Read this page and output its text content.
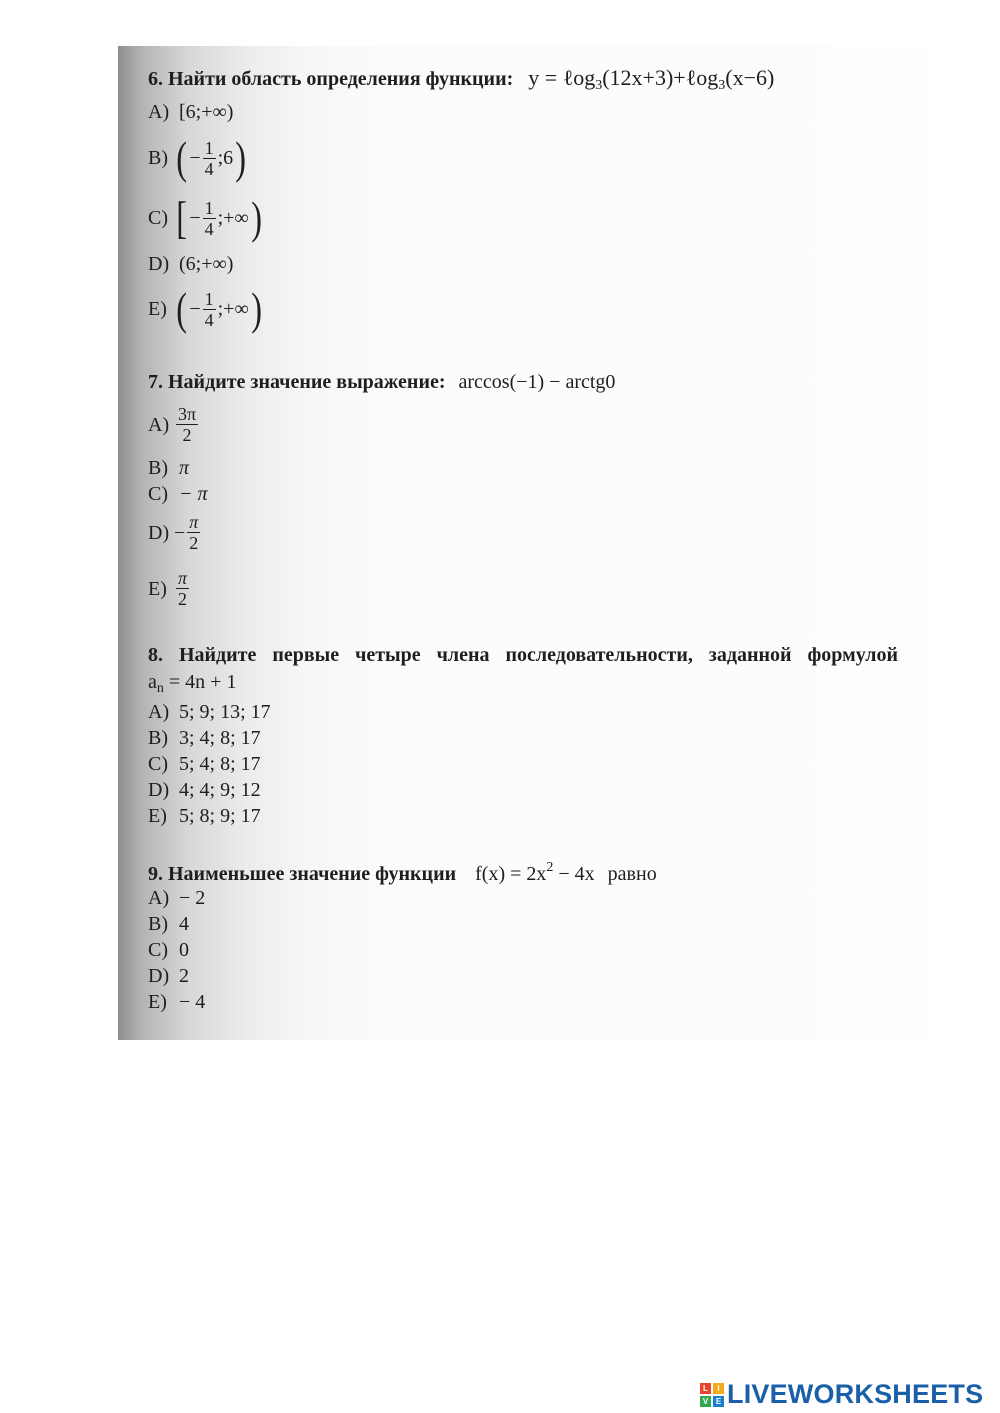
6. Найти область определения функции: y = ℓog$_3$(12x+3)+ℓog$_3$(x−6)
A) [6;+∞)
B) ( − $\frac{1}{4}$ ;6 )
C) [ − $\frac{1}{4}$ ;+∞ )
D) (6;+∞)
E) ( − $\frac{1}{4}$ ;+∞ )
7. Найдите значение выражение: arccos(−1) − arctg0
$A) \frac{3\pi}{2}$
B) π
C) − π
$D) - \frac{\pi}{2}$
$E) \frac{\pi}{2}$
8. Найдите первые четыре члена последовательности, заданной формулой
$a_n = 4n + 1$
A) 5; 9; 13; 17
B) 3; 4; 8; 17
C) 5; 4; 8; 17
D) 4; 4; 9; 12
E) 5; 8; 9; 17
9. Наименьшее значение функции $f(x) = 2x^2 - 4x$ равно
A) − 2
B) 4
C) 0
D) 2
E) − 4
L	I
V E LIVEWORKSHEETS
